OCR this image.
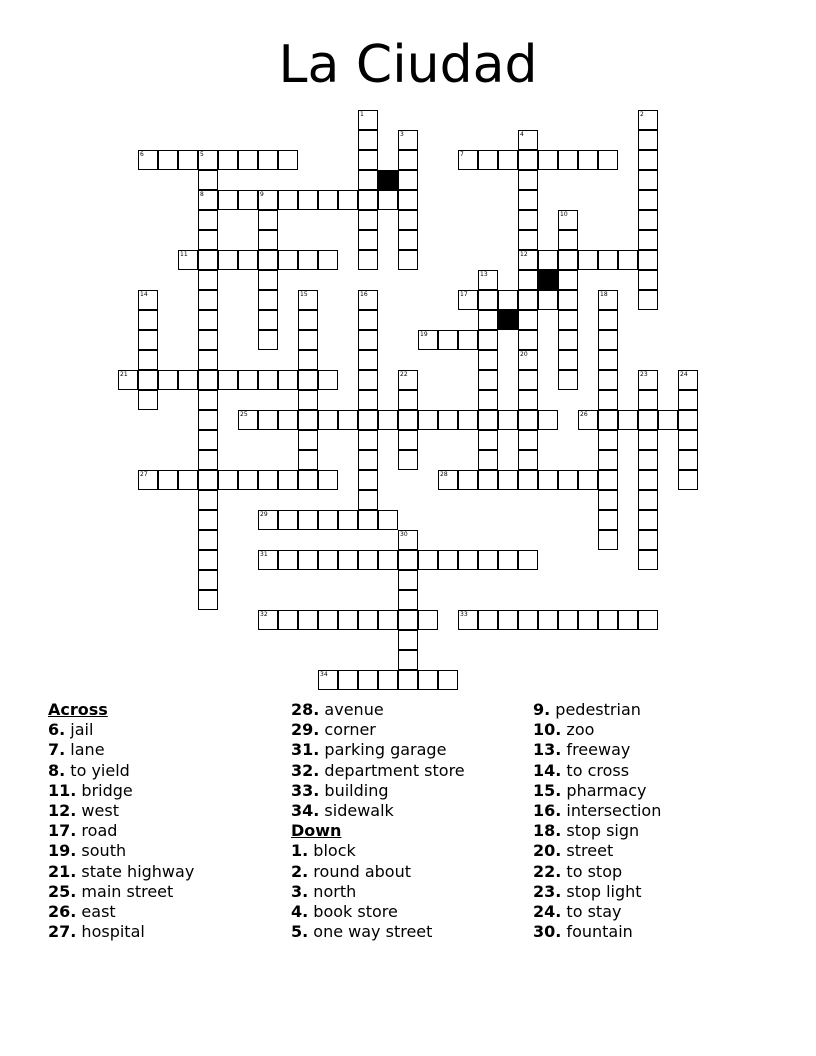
La Ciudad
6	5	7
8	9
11	12
17
19
21
25	26
27	28
29
31
32	33
34
1	2
3	4
20
10
13
14	15	16	18
22	23	24
30
Across
6. jail
7. lane
8. to yield
11. bridge
12. west
17. road
19. south
21. state highway
25. main street
26. east
27. hospital
28. avenue
29. corner
31. parking garage
32. department store
33. building
34. sidewalk
Down
1. block
2. round about
3. north
4. book store
5. one way street
9. pedestrian
10. zoo
13. freeway
14. to cross
15. pharmacy
16. intersection
18. stop sign
20. street
22. to stop
23. stop light
24. to stay
30. fountain
